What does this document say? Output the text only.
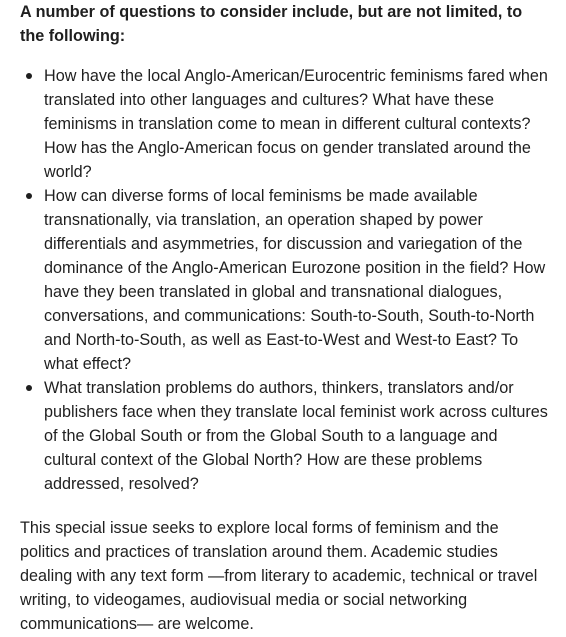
A number of questions to consider include, but are not limited, to the following:

How have the local Anglo-American/Eurocentric feminisms fared when translated into other languages and cultures? What have these feminisms in translation come to mean in different cultural contexts? How has the Anglo-American focus on gender translated around the world?
How can diverse forms of local feminisms be made available transnationally, via translation, an operation shaped by power differentials and asymmetries, for discussion and variegation of the dominance of the Anglo-American Eurozone position in the field? How have they been translated in global and transnational dialogues, conversations, and communications: South-to-South, South-to-North and North-to-South, as well as East-to-West and West-to East? To what effect?
What translation problems do authors, thinkers, translators and/or publishers face when they translate local feminist work across cultures of the Global South or from the Global South to a language and cultural context of the Global North? How are these problems addressed, resolved?

This special issue seeks to explore local forms of feminism and the politics and practices of translation around them. Academic studies dealing with any text form —from literary to academic, technical or travel writing, to videogames, audiovisual media or social networking communications— are welcome.
